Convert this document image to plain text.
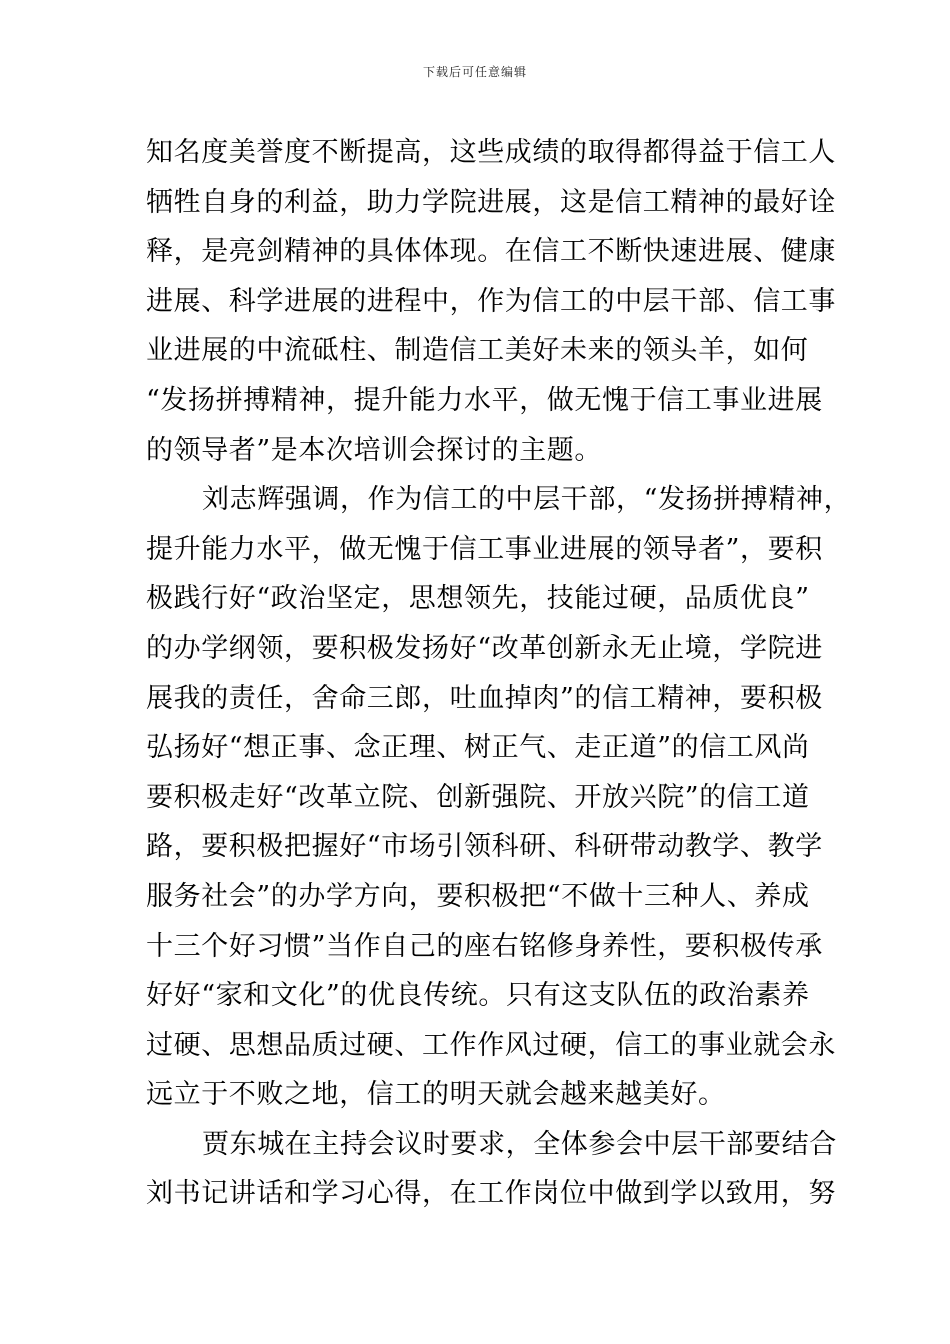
下载后可任意编辑
知名度美誉度不断提高，这些成绩的取得都得益于信工人
牺牲自身的利益，助力学院进展，这是信工精神的最好诠
释，是亮剑精神的具体体现。在信工不断快速进展、健康
进展、科学进展的进程中，作为信工的中层干部、信工事
业进展的中流砥柱、制造信工美好未来的领头羊，如何
“发扬拼搏精神，提升能力水平，做无愧于信工事业进展
的领导者”是本次培训会探讨的主题。
刘志辉强调，作为信工的中层干部，“发扬拼搏精神，
提升能力水平，做无愧于信工事业进展的领导者”，要积
极践行好“政治坚定，思想领先，技能过硬，品质优良”
的办学纲领，要积极发扬好“改革创新永无止境，学院进
展我的责任，舍命三郎，吐血掉肉”的信工精神，要积极
弘扬好“想正事、念正理、树正气、走正道”的信工风尚
要积极走好“改革立院、创新强院、开放兴院”的信工道
路，要积极把握好“市场引领科研、科研带动教学、教学
服务社会”的办学方向，要积极把“不做十三种人、养成
十三个好习惯”当作自己的座右铭修身养性，要积极传承
好好“家和文化”的优良传统。只有这支队伍的政治素养
过硬、思想品质过硬、工作作风过硬，信工的事业就会永
远立于不败之地，信工的明天就会越来越美好。
贾东城在主持会议时要求，全体参会中层干部要结合
刘书记讲话和学习心得，在工作岗位中做到学以致用，努
